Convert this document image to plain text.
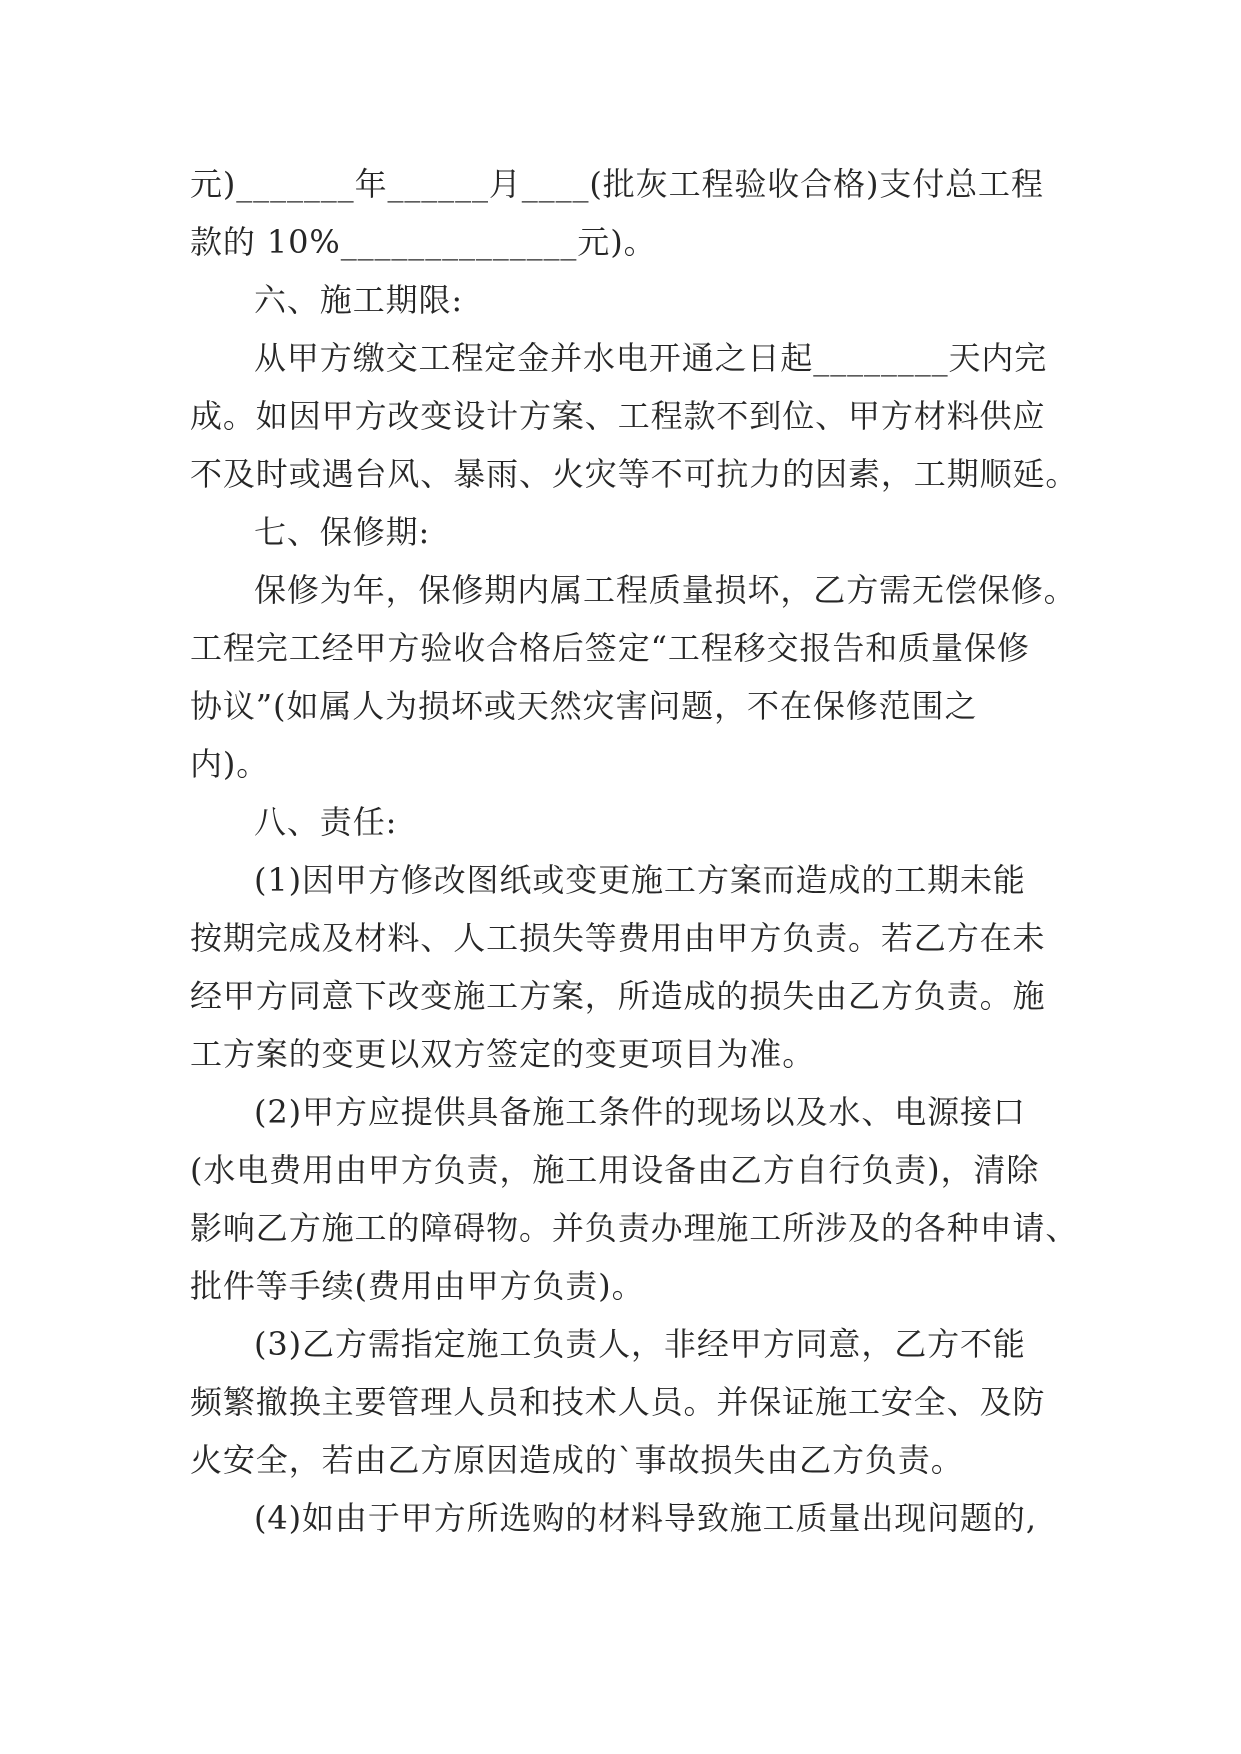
元)_______年______月____(批灰工程验收合格)支付总工程

款的 10%______________元)。

六、施工期限:

从甲方缴交工程定金并水电开通之日起________天内完

成。如因甲方改变设计方案、工程款不到位、甲方材料供应

不及时或遇台风、暴雨、火灾等不可抗力的因素，工期顺延。

七、保修期:

保修为年，保修期内属工程质量损坏，乙方需无偿保修。

工程完工经甲方验收合格后签定“工程移交报告和质量保修

协议”(如属人为损坏或天然灾害问题，不在保修范围之

内)。

八、责任:

(1)因甲方修改图纸或变更施工方案而造成的工期未能

按期完成及材料、人工损失等费用由甲方负责。若乙方在未

经甲方同意下改变施工方案，所造成的损失由乙方负责。施

工方案的变更以双方签定的变更项目为准。

(2)甲方应提供具备施工条件的现场以及水、电源接口

(水电费用由甲方负责，施工用设备由乙方自行负责)，清除

影响乙方施工的障碍物。并负责办理施工所涉及的各种申请、

批件等手续(费用由甲方负责)。

(3)乙方需指定施工负责人，非经甲方同意，乙方不能

频繁撤换主要管理人员和技术人员。并保证施工安全、及防

火安全，若由乙方原因造成的`事故损失由乙方负责。

(4)如由于甲方所选购的材料导致施工质量出现问题的,
